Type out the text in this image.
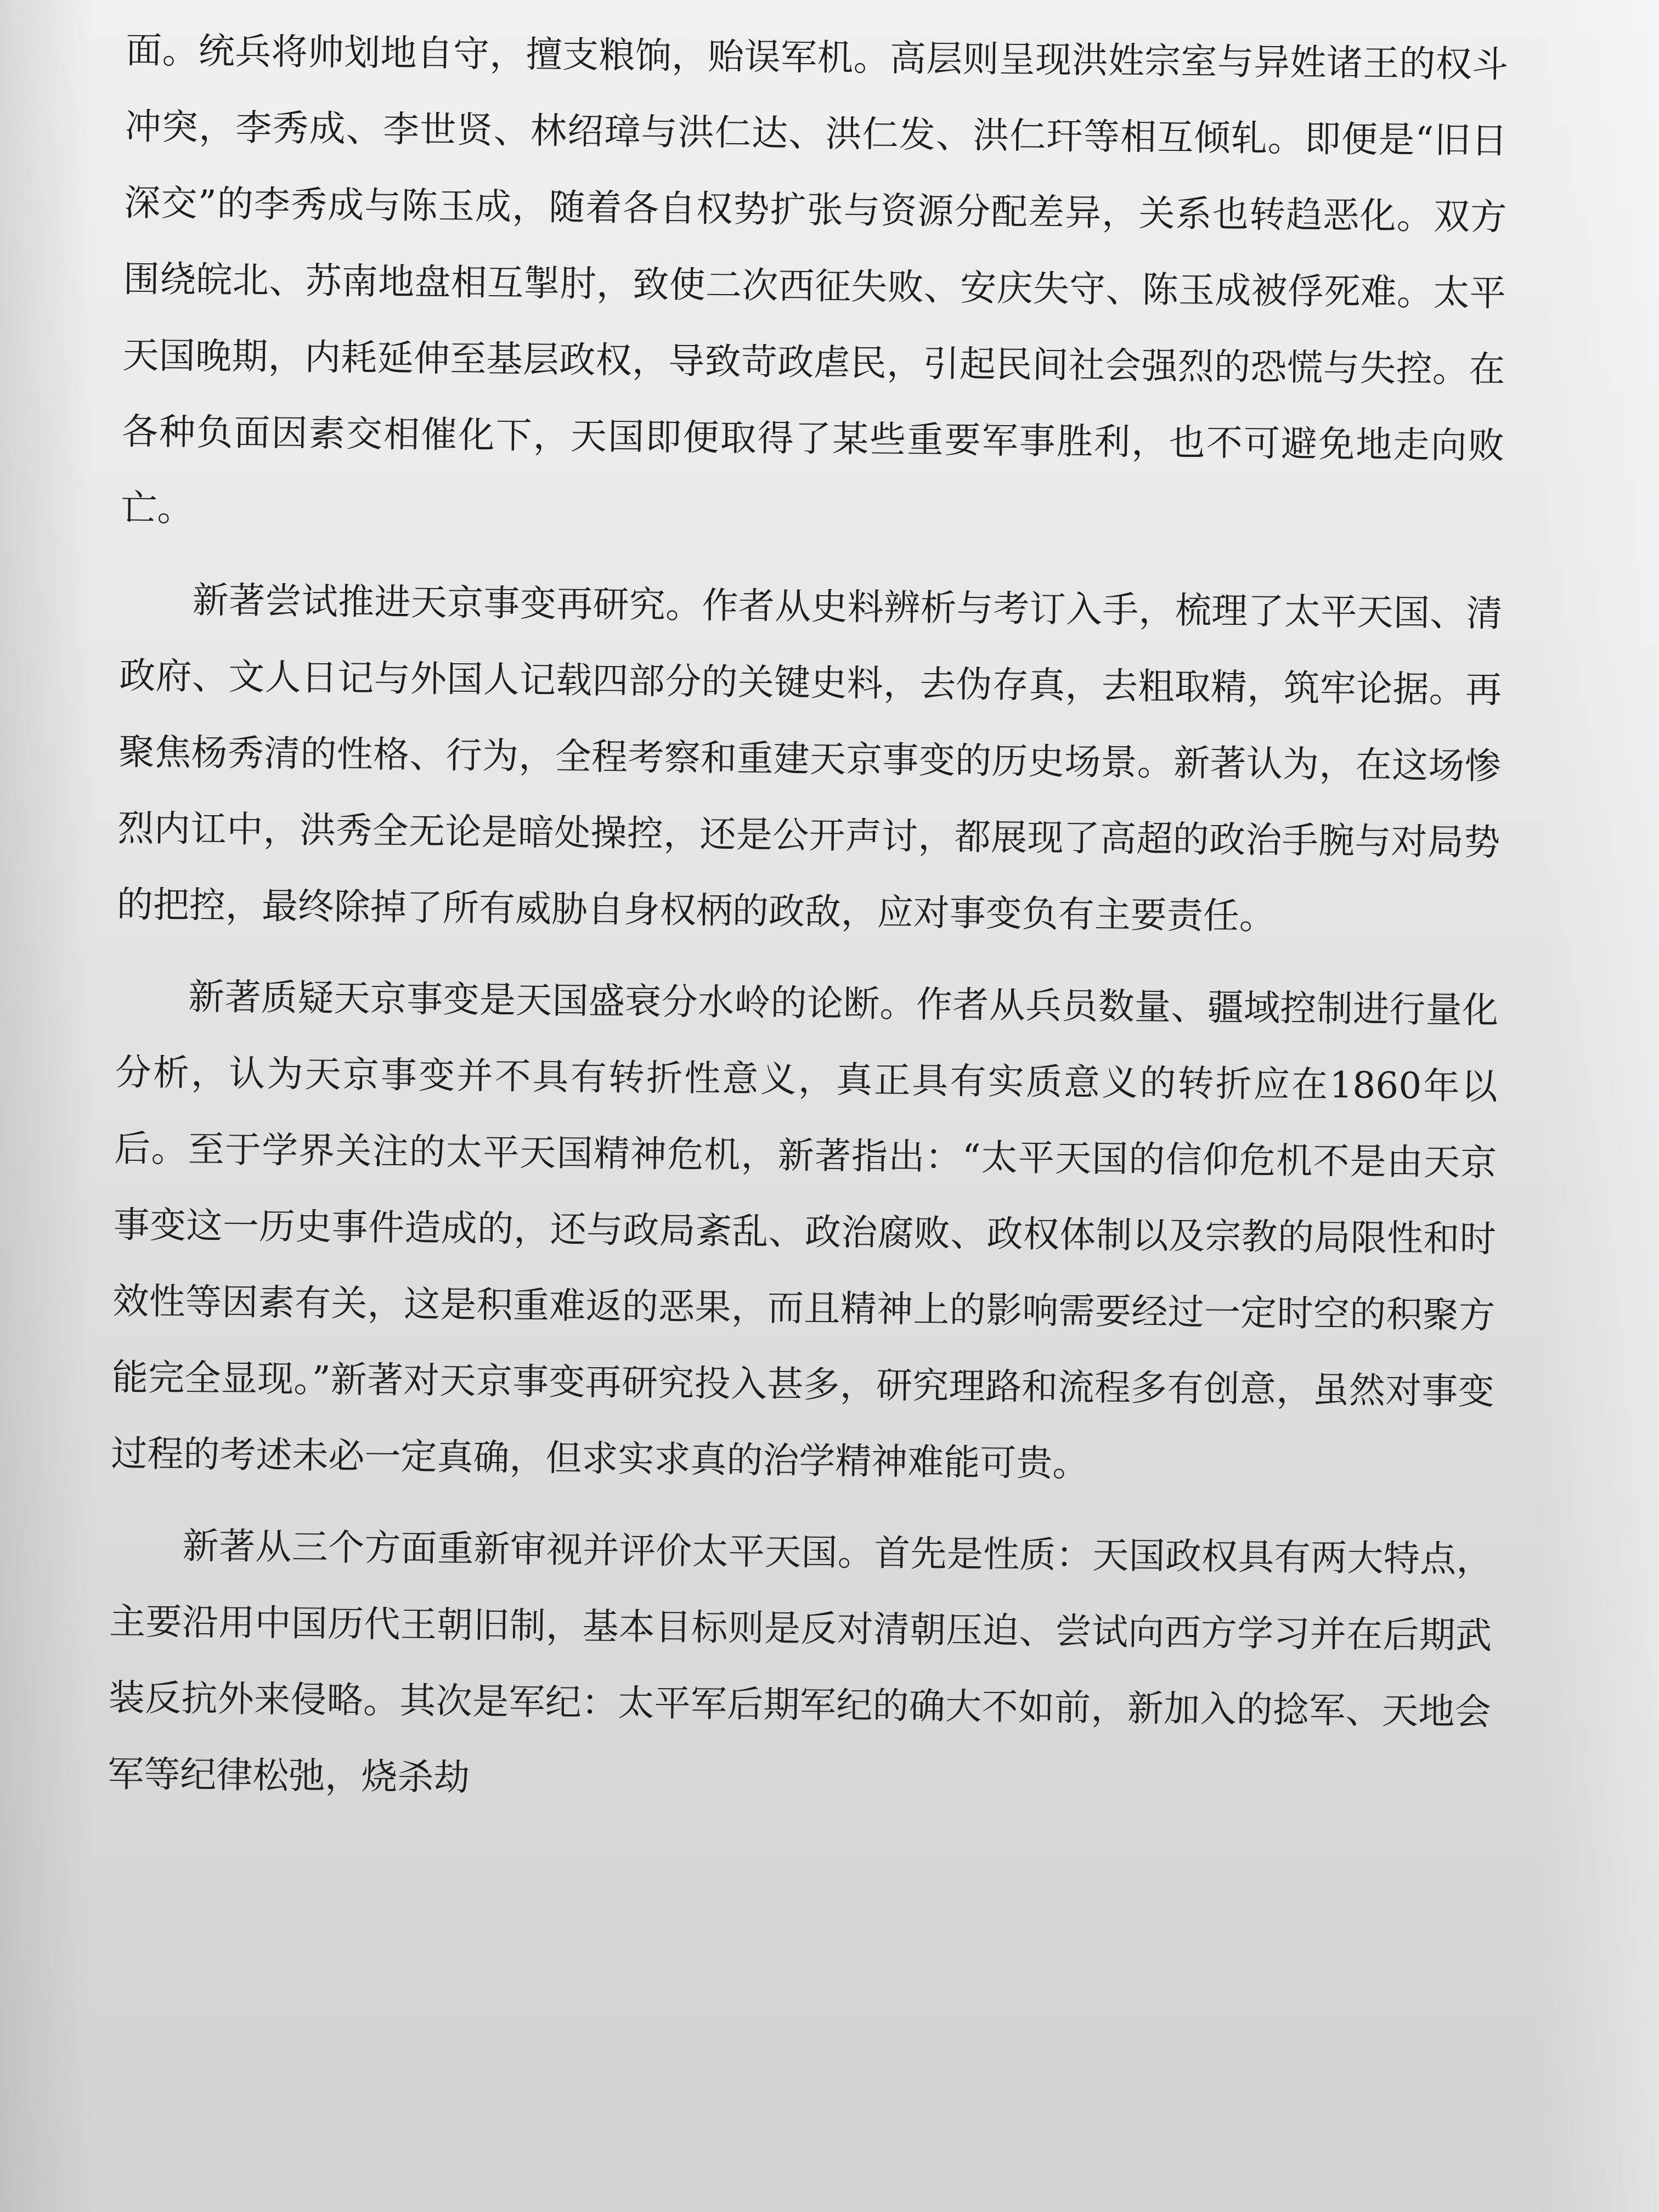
面。统兵将帅划地自守，擅支粮饷，贻误军机。高层则呈现洪姓宗室与异姓诸王的权斗冲突，李秀成、李世贤、林绍璋与洪仁达、洪仁发、洪仁玕等相互倾轧。即便是“旧日深交”的李秀成与陈玉成，随着各自权势扩张与资源分配差异，关系也转趋恶化。双方围绕皖北、苏南地盘相互掣肘，致使二次西征失败、安庆失守、陈玉成被俘死难。太平天国晚期，内耗延伸至基层政权，导致苛政虐民，引起民间社会强烈的恐慌与失控。在各种负面因素交相催化下，天国即便取得了某些重要军事胜利，也不可避免地走向败亡。

新著尝试推进天京事变再研究。作者从史料辨析与考订入手，梳理了太平天国、清政府、文人日记与外国人记载四部分的关键史料，去伪存真，去粗取精，筑牢论据。再聚焦杨秀清的性格、行为，全程考察和重建天京事变的历史场景。新著认为，在这场惨烈内讧中，洪秀全无论是暗处操控，还是公开声讨，都展现了高超的政治手腕与对局势的把控，最终除掉了所有威胁自身权柄的政敌，应对事变负有主要责任。

新著质疑天京事变是天国盛衰分水岭的论断。作者从兵员数量、疆域控制进行量化分析，认为天京事变并不具有转折性意义，真正具有实质意义的转折应在1860年以后。至于学界关注的太平天国精神危机，新著指出：“太平天国的信仰危机不是由天京事变这一历史事件造成的，还与政局紊乱、政治腐败、政权体制以及宗教的局限性和时效性等因素有关，这是积重难返的恶果，而且精神上的影响需要经过一定时空的积聚方能完全显现。”新著对天京事变再研究投入甚多，研究理路和流程多有创意，虽然对事变过程的考述未必一定真确，但求实求真的治学精神难能可贵。

新著从三个方面重新审视并评价太平天国。首先是性质：天国政权具有两大特点，主要沿用中国历代王朝旧制，基本目标则是反对清朝压迫、尝试向西方学习并在后期武装反抗外来侵略。其次是军纪：太平军后期军纪的确大不如前，新加入的捻军、天地会军等纪律松弛，烧杀劫
